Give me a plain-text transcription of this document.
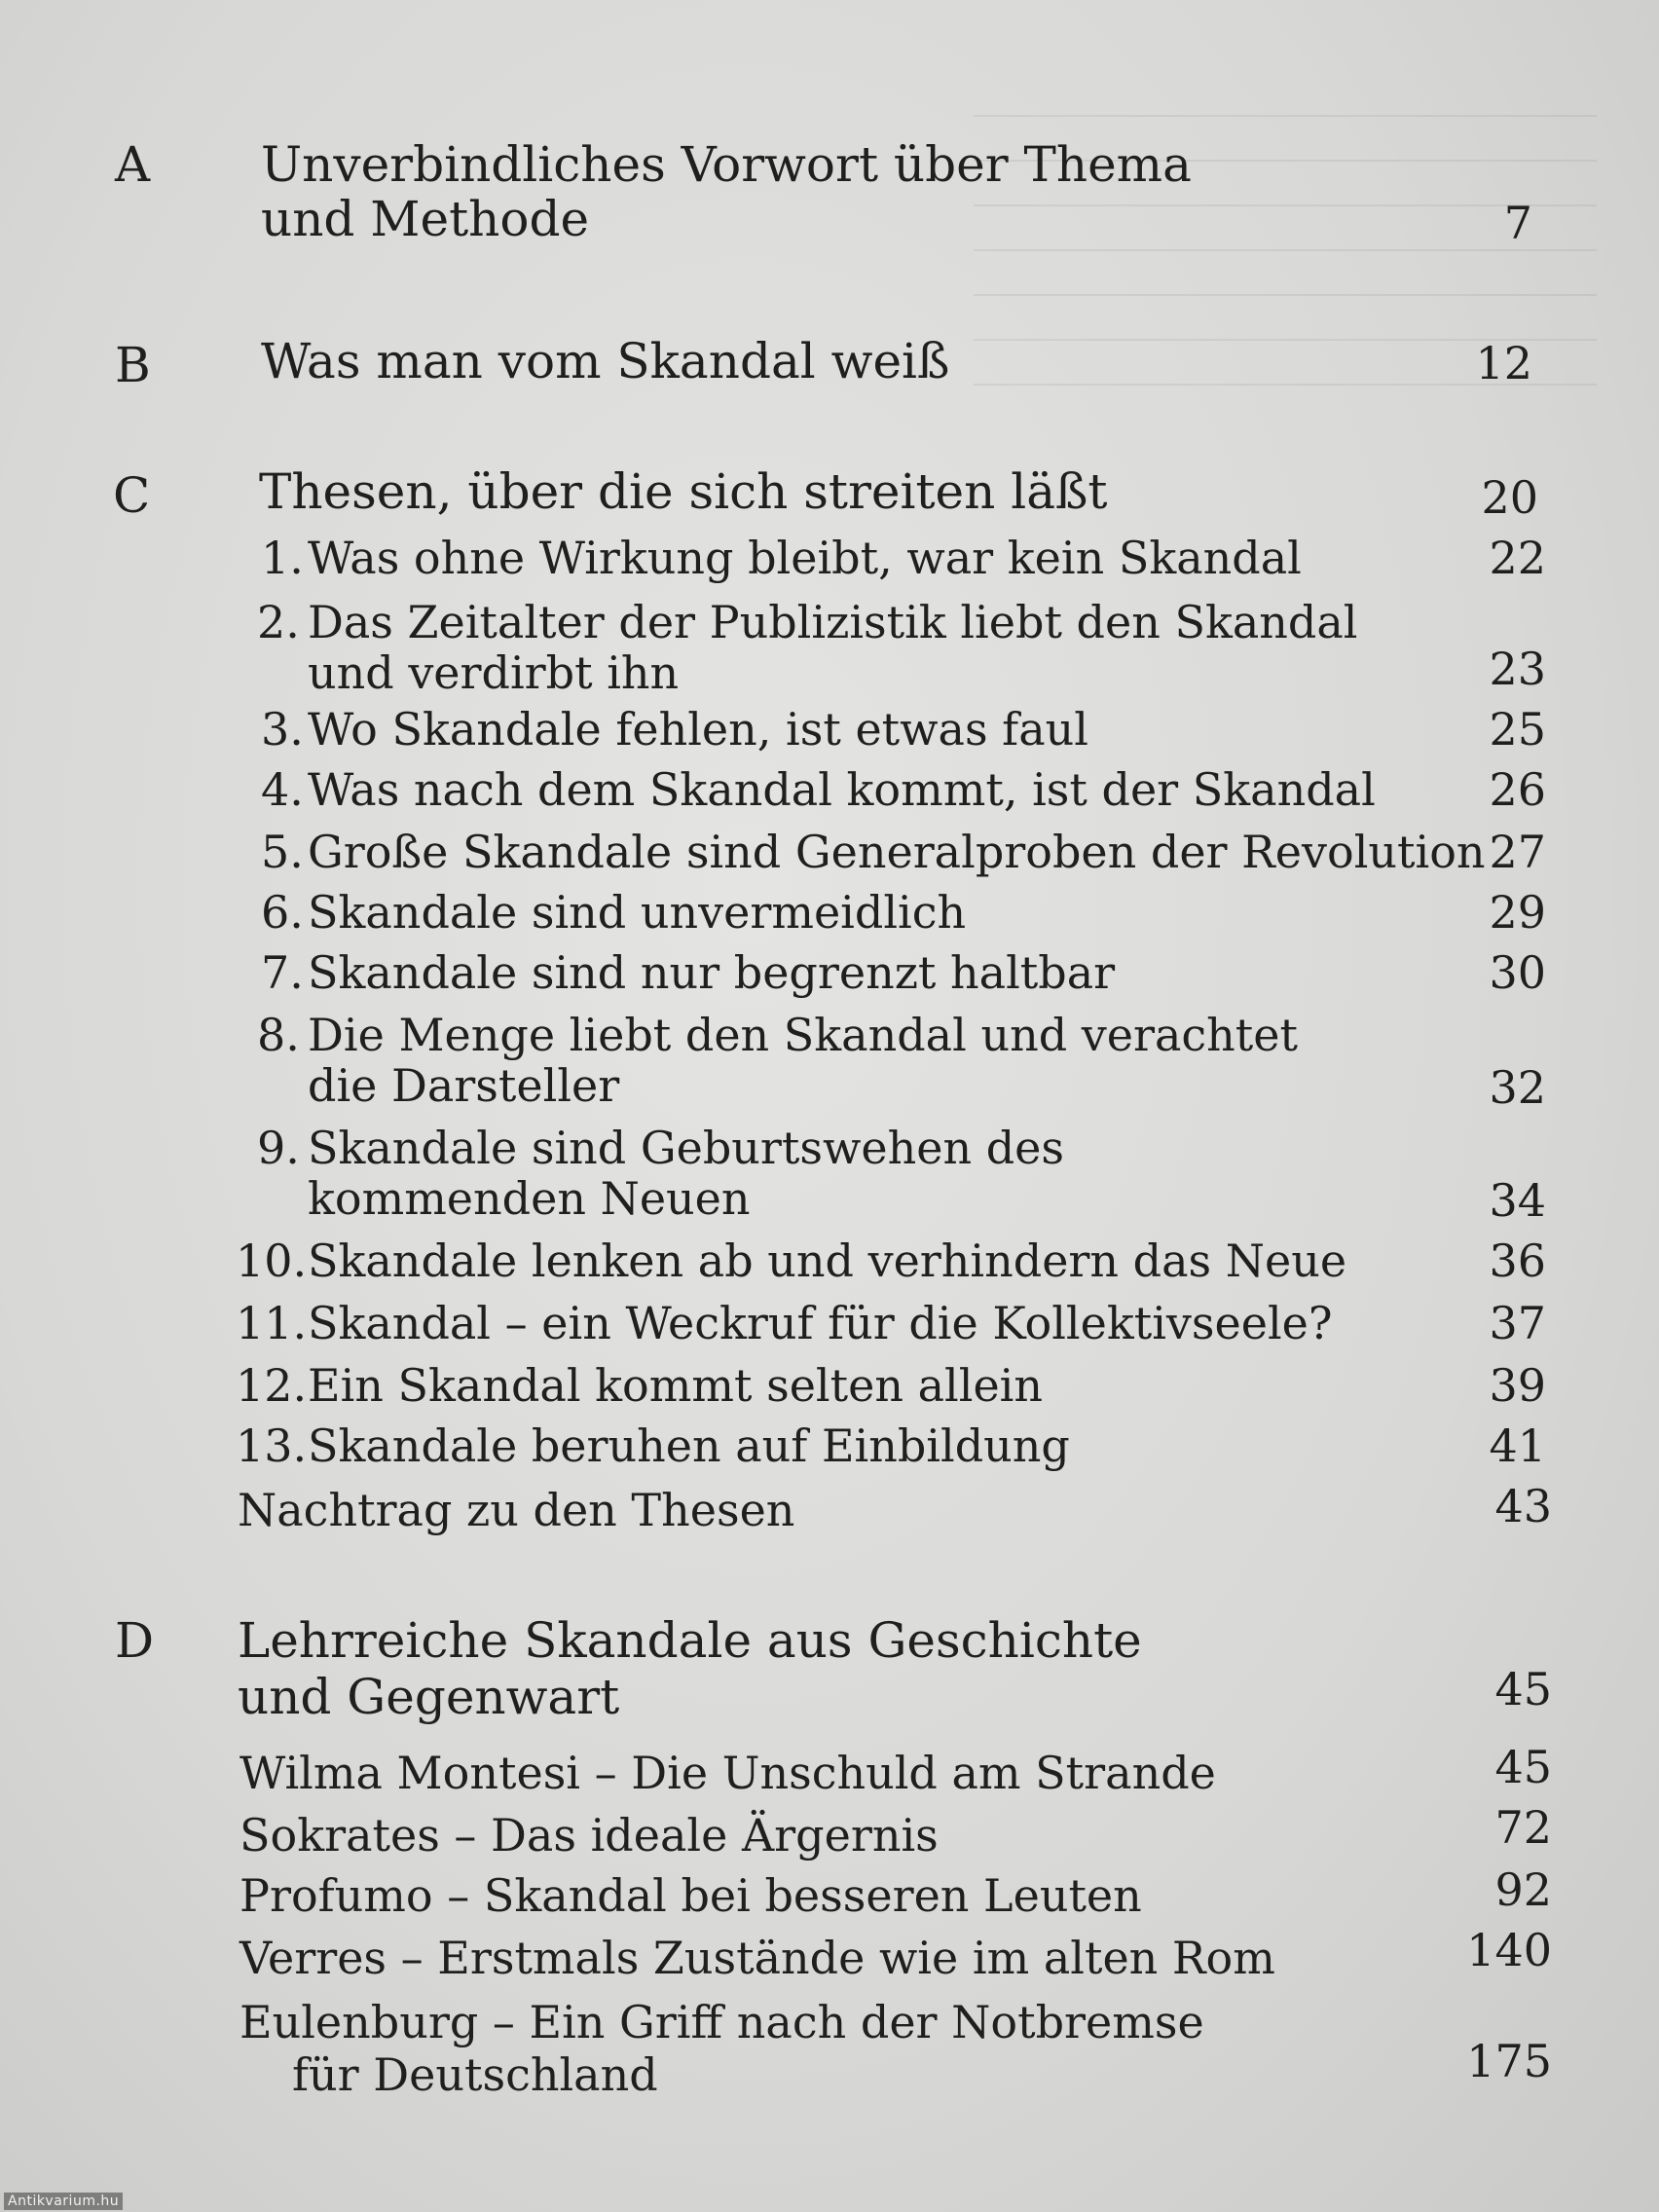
A Unverbindliches Vorwort über Thema
und Methode	7
B Was man vom Skandal weiß	12
C Thesen, über die sich streiten läßt	20
1. Was ohne Wirkung bleibt, war kein Skandal	22
2. Das Zeitalter der Publizistik liebt den Skandal
und verdirbt ihn	23
3. Wo Skandale fehlen, ist etwas faul	25
4. Was nach dem Skandal kommt, ist der Skandal	26
5. Große Skandale sind Generalproben der Revolution 27
6. Skandale sind unvermeidlich	29
7. Skandale sind nur begrenzt haltbar	30
8. Die Menge liebt den Skandal und verachtet
die Darsteller	32
9. Skandale sind Geburtswehen des
kommenden Neuen	34
10. Skandale lenken ab und verhindern das Neue	36
11. Skandal – ein Weckruf für die Kollektivseele?	37
12. Ein Skandal kommt selten allein	39
13. Skandale beruhen auf Einbildung	41
Nachtrag zu den Thesen	43
D Lehrreiche Skandale aus Geschichte
und Gegenwart	45
Wilma Montesi – Die Unschuld am Strande	45
Sokrates – Das ideale Ärgernis	72
Profumo – Skandal bei besseren Leuten	92
Verres – Erstmals Zustände wie im alten Rom	140
Eulenburg – Ein Griff nach der Notbremse
für Deutschland	175
Antikvarium.hu
